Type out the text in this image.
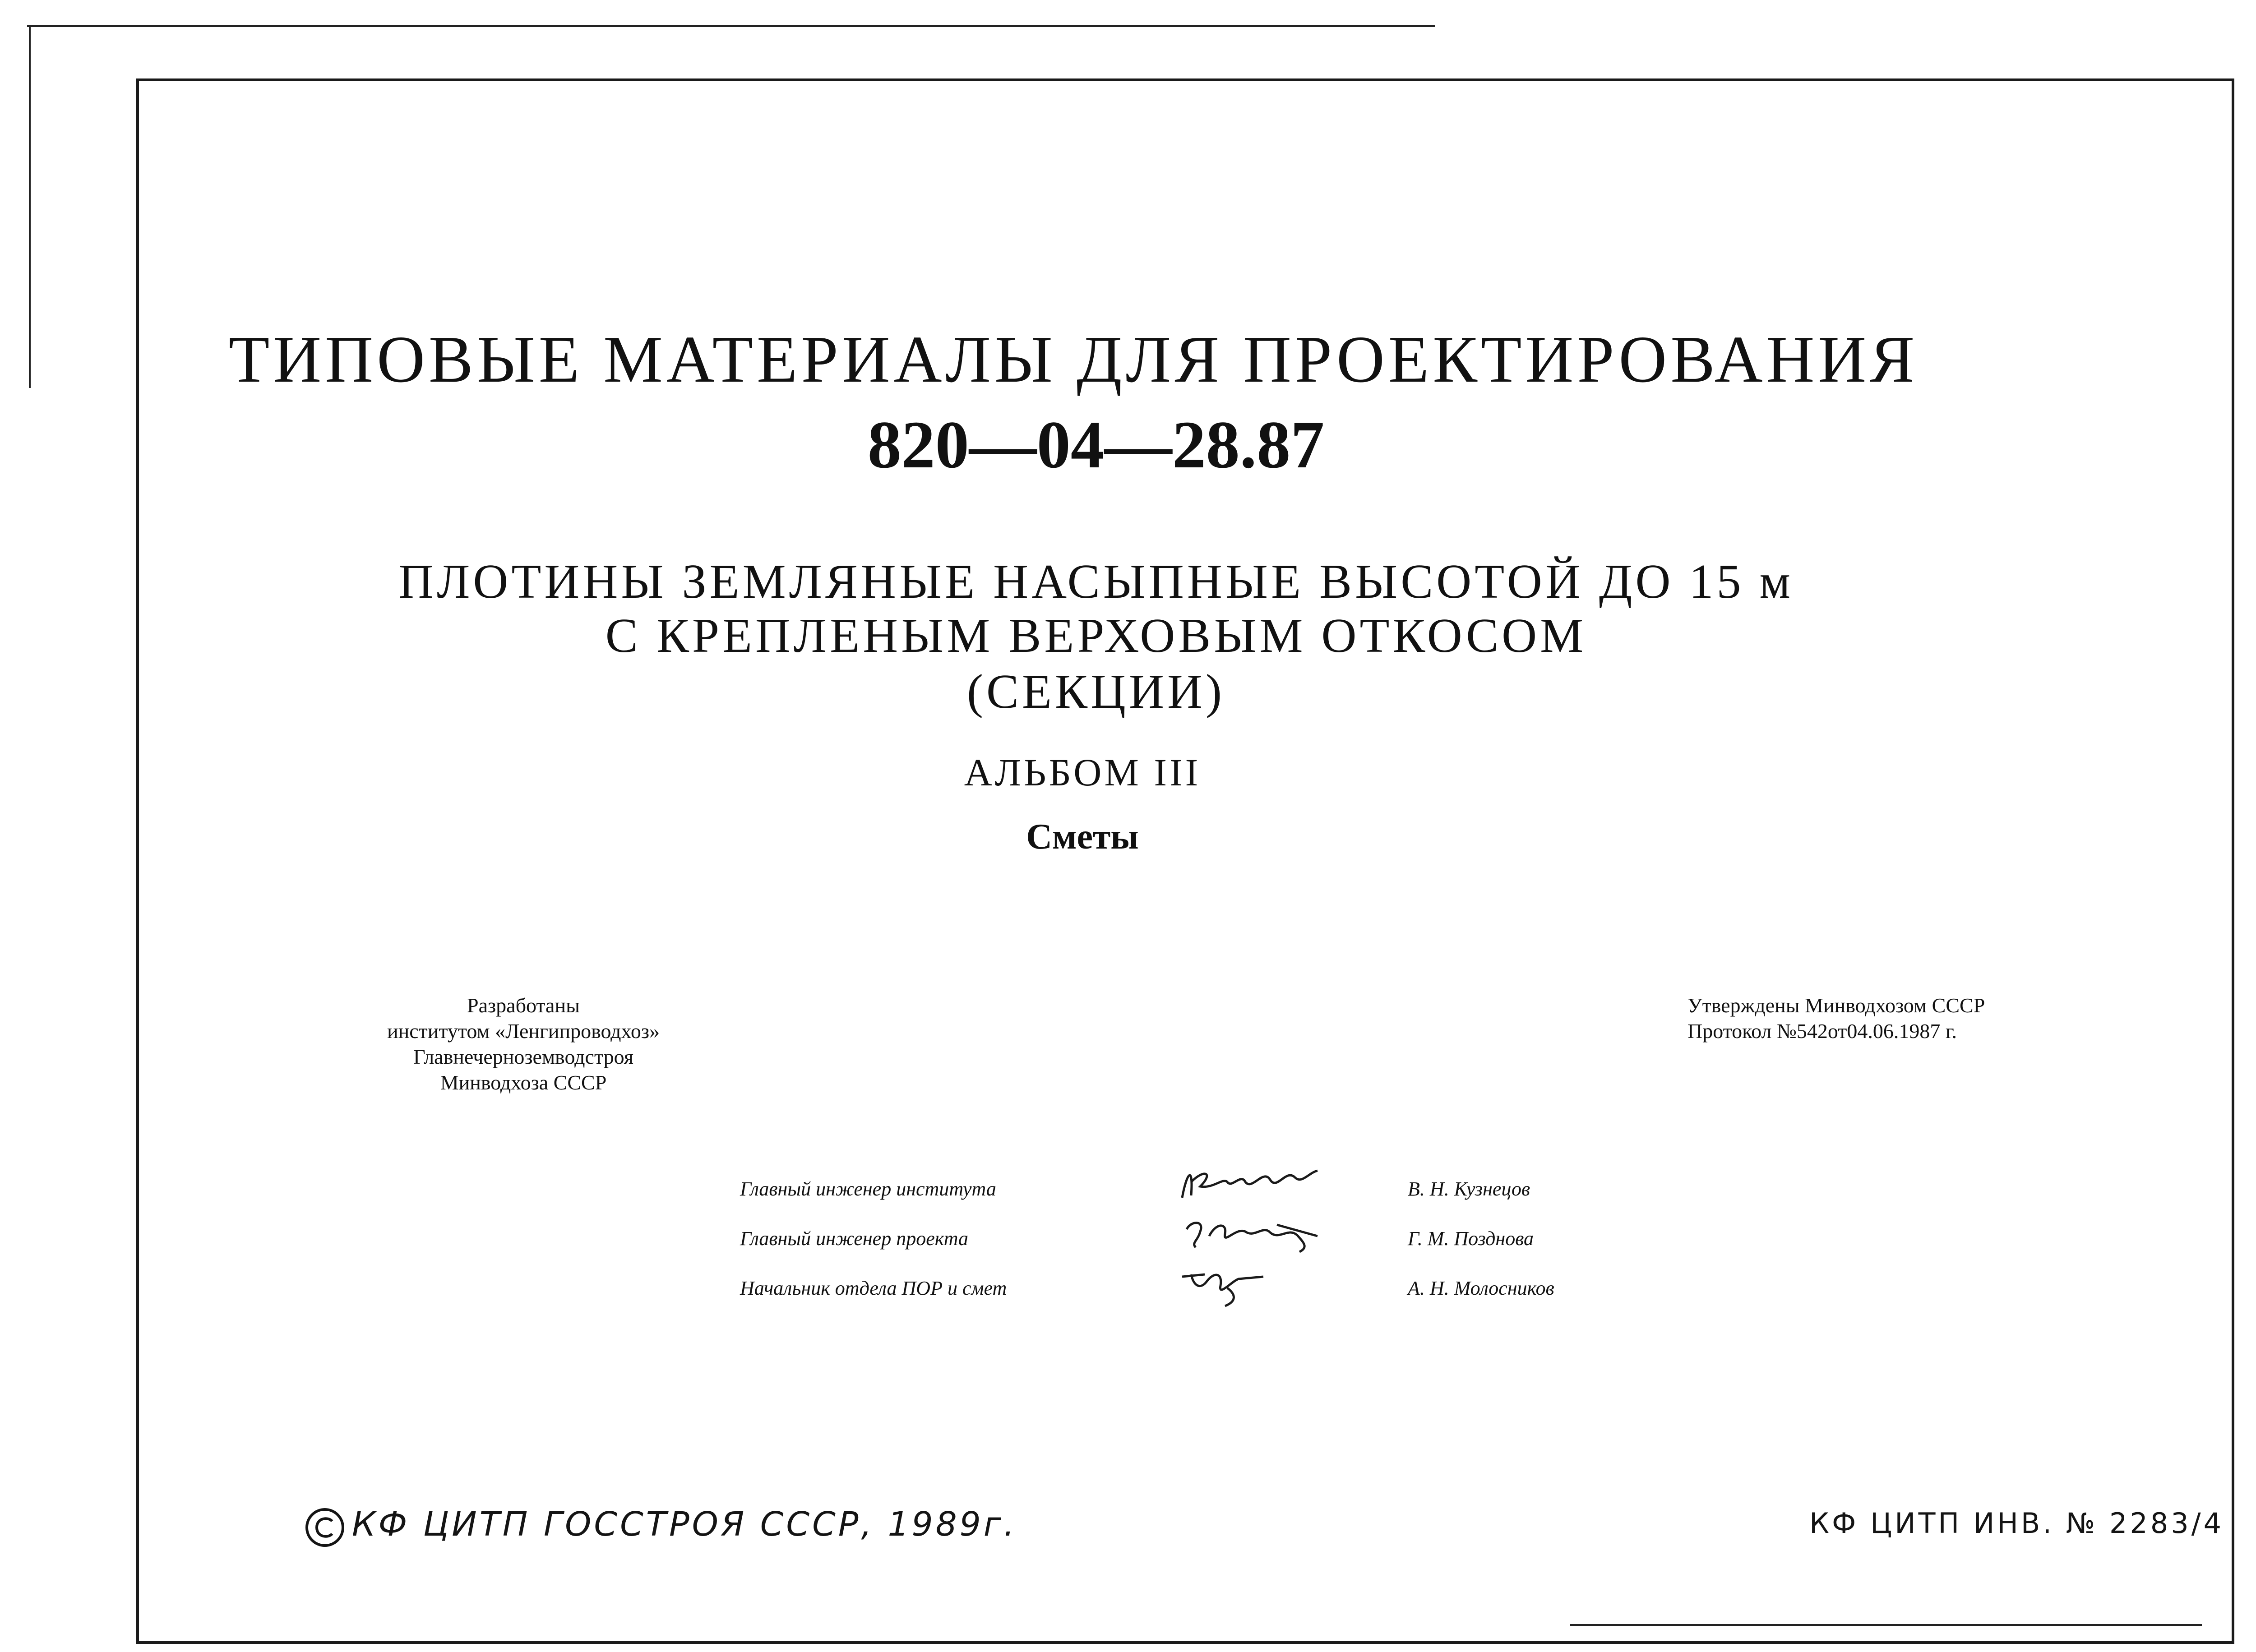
ТИПОВЫЕ МАТЕРИАЛЫ ДЛЯ ПРОЕКТИРОВАНИЯ
820—04—28.87
ПЛОТИНЫ ЗЕМЛЯНЫЕ НАСЫПНЫЕ ВЫСОТОЙ ДО 15 м
С КРЕПЛЕНЫМ ВЕРХОВЫМ ОТКОСОМ
(СЕКЦИИ)
АЛЬБОМ III
Сметы
Разработаны
институтом «Ленгипроводхоз»
Главнечерноземводстроя
Минводхоза СССР
Утверждены Минводхозом СССР
Протокол №542от04.06.1987 г.
Главный инженер института	В. Н. Кузнецов
Главный инженер проекта	Г. М. Позднова
Начальник отдела ПОР и смет	А. Н. Молосников
КФ ЦИТП ГОССТРОЯ СССР, 1989г.	КФ ЦИТП ИНВ. № 2283/4
